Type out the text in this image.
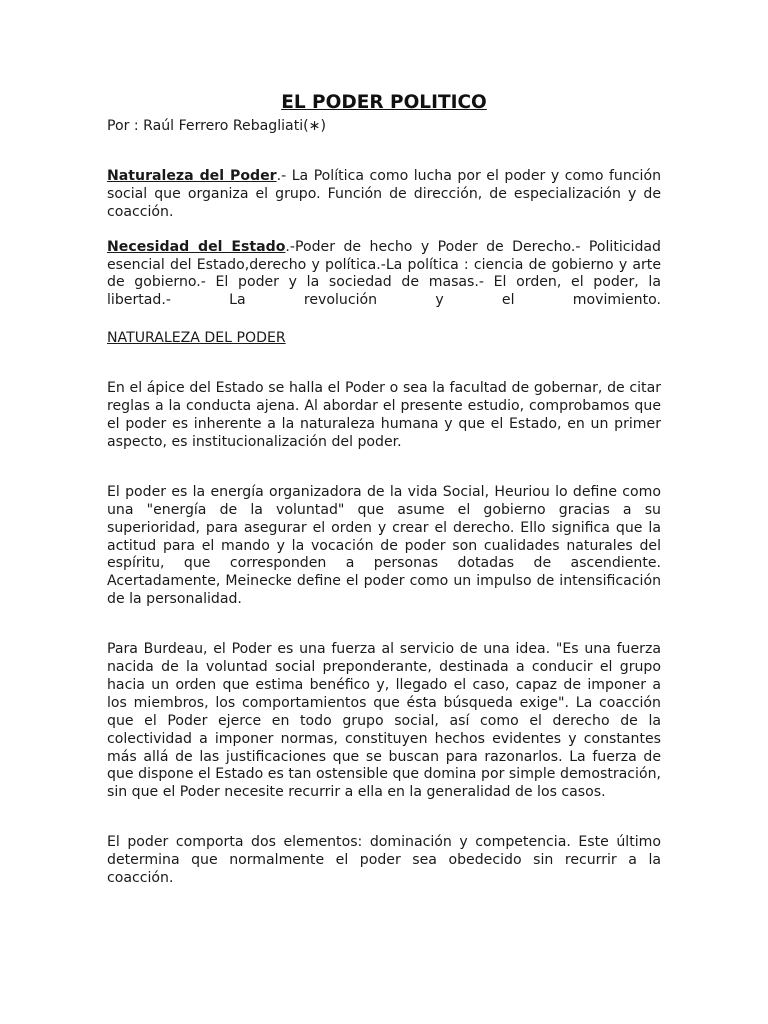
EL PODER POLITICO
Por : Raúl Ferrero Rebagliati(∗)

Naturaleza del Poder.- La Política como lucha por el poder y como función social que organiza el grupo. Función de dirección, de especialización y de coacción.

Necesidad del Estado.-Poder de hecho y Poder de Derecho.- Politicidad esencial del Estado,derecho y política.-La política : ciencia de gobierno y arte de gobierno.- El poder y la sociedad de masas.- El orden, el poder, la libertad.- La revolución y el movimiento.

NATURALEZA DEL PODER

En el ápice del Estado se halla el Poder o sea la facultad de gobernar, de citar reglas a la conducta ajena. Al abordar el presente estudio, comprobamos que el poder es inherente a la naturaleza humana y que el Estado, en un primer aspecto, es institucionalización del poder.

El poder es la energía organizadora de la vida Social, Heuriou lo define como una "energía de la voluntad" que asume el gobierno gracias a su superioridad, para asegurar el orden y crear el derecho. Ello significa que la actitud para el mando y la vocación de poder son cualidades naturales del espíritu, que corresponden a personas dotadas de ascendiente. Acertadamente, Meinecke define el poder como un impulso de intensificación de la personalidad.

Para Burdeau, el Poder es una fuerza al servicio de una idea. "Es una fuerza nacida de la voluntad social preponderante, destinada a conducir el grupo hacia un orden que estima benéfico y, llegado el caso, capaz de imponer a los miembros, los comportamientos que ésta búsqueda exige". La coacción que el Poder ejerce en todo grupo social, así como el derecho de la colectividad a imponer normas, constituyen hechos evidentes y constantes más allá de las justificaciones que se buscan para razonarlos. La fuerza de que dispone el Estado es tan ostensible que domina por simple demostración, sin que el Poder necesite recurrir a ella en la generalidad de los casos.

El poder comporta dos elementos: dominación y competencia. Este último determina que normalmente el poder sea obedecido sin recurrir a la coacción.
